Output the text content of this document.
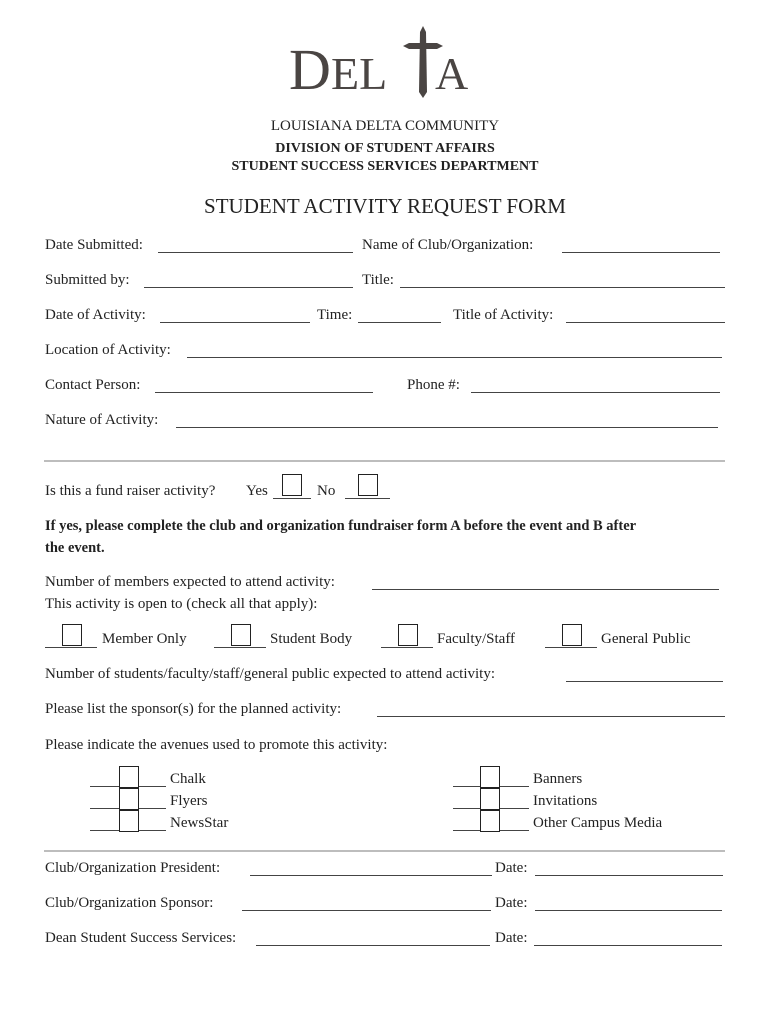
D EL A
LOUISIANA DELTA COMMUNITY
DIVISION OF STUDENT AFFAIRS
STUDENT SUCCESS SERVICES DEPARTMENT
STUDENT ACTIVITY REQUEST FORM
Date Submitted:	Name of Club/Organization:
Submitted by:	Title:
Date of Activity:	Time:	Title of Activity:
Location of Activity:
Contact Person:	Phone #:
Nature of Activity:
Is this a fund raiser activity? Yes	No
If yes, please complete the club and organization fundraiser form A before the event and B after
the event.
Number of members expected to attend activity:
This activity is open to (check all that apply):
Member Only	Student Body	Faculty/Staff	General Public
Number of students/faculty/staff/general public expected to attend activity:
Please list the sponsor(s) for the planned activity:
Please indicate the avenues used to promote this activity:
Chalk
Flyers
NewsStar
Banners
Invitations
Other Campus Media
Club/Organization President:	Date:
Club/Organization Sponsor:	Date:
Dean Student Success Services:	Date:
